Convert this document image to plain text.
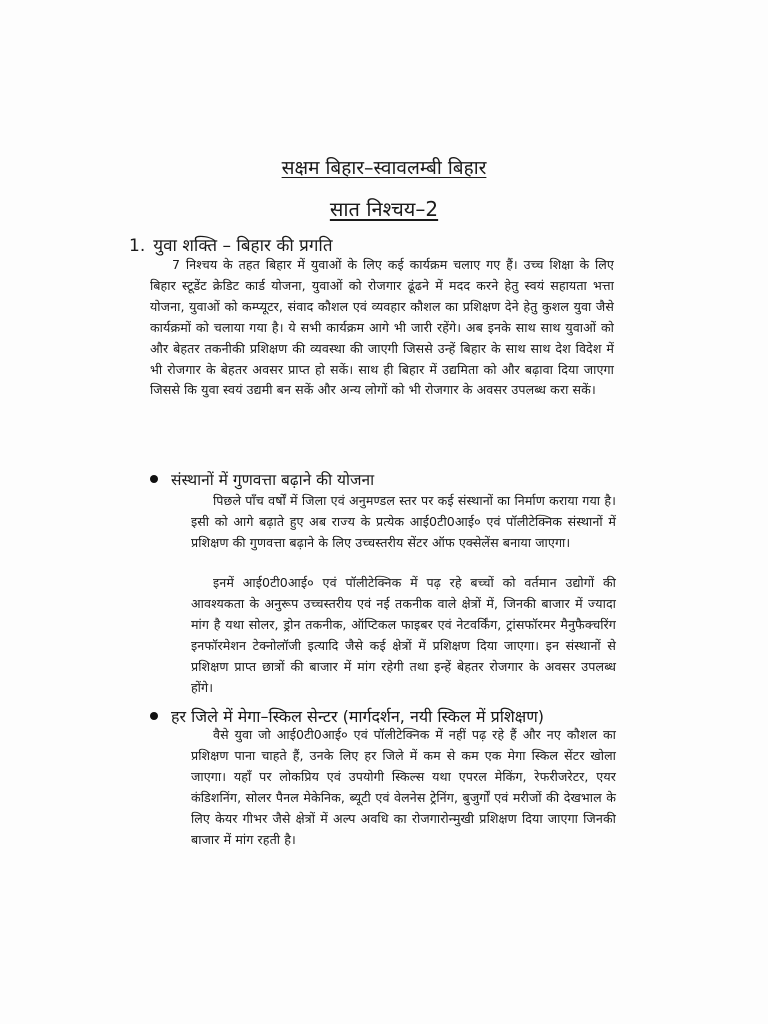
सक्षम बिहार–स्वावलम्बी बिहार
सात निश्चय–2
1. युवा शक्ति – बिहार की प्रगति

7 निश्चय के तहत बिहार में युवाओं के लिए कई कार्यक्रम चलाए गए हैं। उच्च शिक्षा के लिए बिहार स्टूडेंट क्रेडिट कार्ड योजना, युवाओं को रोजगार ढूंढने में मदद करने हेतु स्वयं सहायता भत्ता योजना, युवाओं को कम्प्यूटर, संवाद कौशल एवं व्यवहार कौशल का प्रशिक्षण देने हेतु कुशल युवा जैसे कार्यक्रमों को चलाया गया है। ये सभी कार्यक्रम आगे भी जारी रहेंगे। अब इनके साथ साथ युवाओं को और बेहतर तकनीकी प्रशिक्षण की व्यवस्था की जाएगी जिससे उन्हें बिहार के साथ साथ देश विदेश में भी रोजगार के बेहतर अवसर प्राप्त हो सकें। साथ ही बिहार में उद्यमिता को और बढ़ावा दिया जाएगा जिससे कि युवा स्वयं उद्यमी बन सकें और अन्य लोगों को भी रोजगार के अवसर उपलब्ध करा सकें।

संस्थानों में गुणवत्ता बढ़ाने की योजना

पिछले पाँच वर्षों में जिला एवं अनुमण्डल स्तर पर कई संस्थानों का निर्माण कराया गया है। इसी को आगे बढ़ाते हुए अब राज्य के प्रत्येक आई0टी0आई० एवं पॉलीटेक्निक संस्थानों में प्रशिक्षण की गुणवत्ता बढ़ाने के लिए उच्चस्तरीय सेंटर ऑफ एक्सेलेंस बनाया जाएगा।

इनमें आई0टी0आई० एवं पॉलीटेक्निक में पढ़ रहे बच्चों को वर्तमान उद्योगों की आवश्यकता के अनुरूप उच्चस्तरीय एवं नई तकनीक वाले क्षेत्रों में, जिनकी बाजार में ज्यादा मांग है यथा सोलर, ड्रोन तकनीक, ऑप्टिकल फाइबर एवं नेटवर्किंग, ट्रांसफॉरमर मैनुफैक्चरिंग इनफॉरमेशन टेक्नोलॉजी इत्यादि जैसे कई क्षेत्रों में प्रशिक्षण दिया जाएगा। इन संस्थानों से प्रशिक्षण प्राप्त छात्रों की बाजार में मांग रहेगी तथा इन्हें बेहतर रोजगार के अवसर उपलब्ध होंगे।

हर जिले में मेगा–स्किल सेन्टर (मार्गदर्शन, नयी स्किल में प्रशिक्षण)

वैसे युवा जो आई0टी0आई० एवं पॉलीटेक्निक में नहीं पढ़ रहे हैं और नए कौशल का प्रशिक्षण पाना चाहते हैं, उनके लिए हर जिले में कम से कम एक मेगा स्किल सेंटर खोला जाएगा। यहाँ पर लोकप्रिय एवं उपयोगी स्किल्स यथा एपरल मेकिंग, रेफरीजरेटर, एयर कंडिशनिंग, सोलर पैनल मेकेनिक, ब्यूटी एवं वेलनेस ट्रेनिंग, बुजुर्गों एवं मरीजों की देखभाल के लिए केयर गीभर जैसे क्षेत्रों में अल्प अवधि का रोजगारोन्मुखी प्रशिक्षण दिया जाएगा जिनकी बाजार में मांग रहती है।
